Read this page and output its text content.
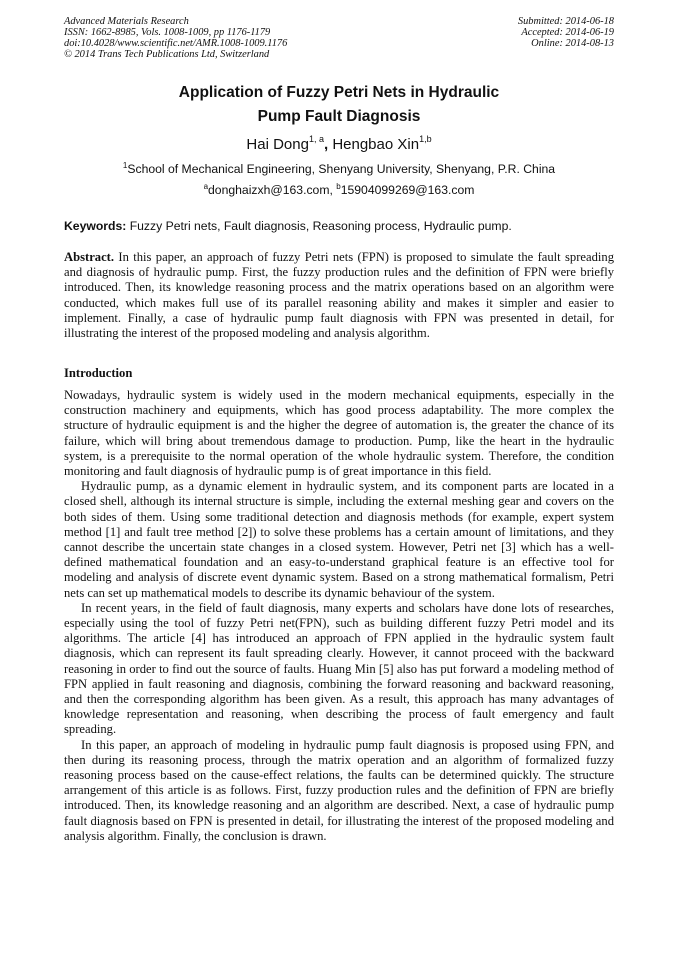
Advanced Materials Research
ISSN: 1662-8985, Vols. 1008-1009, pp 1176-1179
doi:10.4028/www.scientific.net/AMR.1008-1009.1176
© 2014 Trans Tech Publications Ltd, Switzerland
Submitted: 2014-06-18
Accepted: 2014-06-19
Online: 2014-08-13
Application of Fuzzy Petri Nets in Hydraulic
Pump Fault Diagnosis
Hai Dong$^{1, a}$, Hengbao Xin$^{1,b}$
$^1$School of Mechanical Engineering, Shenyang University, Shenyang, P.R. China
$^a$donghaizxh@163.com, $^b$15904099269@163.com
Keywords: Fuzzy Petri nets, Fault diagnosis, Reasoning process, Hydraulic pump.
Abstract. In this paper, an approach of fuzzy Petri nets (FPN) is proposed to simulate the fault spreading and diagnosis of hydraulic pump. First, the fuzzy production rules and the definition of FPN were briefly introduced. Then, its knowledge reasoning process and the matrix operations based on an algorithm were conducted, which makes full use of its parallel reasoning ability and makes it simpler and easier to implement. Finally, a case of hydraulic pump fault diagnosis with FPN was presented in detail, for illustrating the interest of the proposed modeling and analysis algorithm.
Introduction

Nowadays, hydraulic system is widely used in the modern mechanical equipments, especially in the construction machinery and equipments, which has good process adaptability. The more complex the structure of hydraulic equipment is and the higher the degree of automation is, the greater the chance of its failure, which will bring about tremendous damage to production. Pump, like the heart in the hydraulic system, is a prerequisite to the normal operation of the whole hydraulic system. Therefore, the condition monitoring and fault diagnosis of hydraulic pump is of great importance in this field.

Hydraulic pump, as a dynamic element in hydraulic system, and its component parts are located in a closed shell, although its internal structure is simple, including the external meshing gear and covers on the both sides of them. Using some traditional detection and diagnosis methods (for example, expert system method [1] and fault tree method [2]) to solve these problems has a certain amount of limitations, and they cannot describe the uncertain state changes in a closed system. However, Petri net [3] which has a well-defined mathematical foundation and an easy-to-understand graphical feature is an effective tool for modeling and analysis of discrete event dynamic system. Based on a strong mathematical formalism, Petri nets can set up mathematical models to describe its dynamic behaviour of the system.

In recent years, in the field of fault diagnosis, many experts and scholars have done lots of researches, especially using the tool of fuzzy Petri net(FPN), such as building different fuzzy Petri model and its algorithms. The article [4] has introduced an approach of FPN applied in the hydraulic system fault diagnosis, which can represent its fault spreading clearly. However, it cannot proceed with the backward reasoning in order to find out the source of faults. Huang Min [5] also has put forward a modeling method of FPN applied in fault reasoning and diagnosis, combining the forward reasoning and backward reasoning, and then the corresponding algorithm has been given. As a result, this approach has many advantages of knowledge representation and reasoning, when describing the process of fault emergency and fault spreading.

In this paper, an approach of modeling in hydraulic pump fault diagnosis is proposed using FPN, and then during its reasoning process, through the matrix operation and an algorithm of formalized fuzzy reasoning process based on the cause-effect relations, the faults can be determined quickly. The structure arrangement of this article is as follows. First, fuzzy production rules and the definition of FPN are briefly introduced. Then, its knowledge reasoning and an algorithm are described. Next, a case of hydraulic pump fault diagnosis based on FPN is presented in detail, for illustrating the interest of the proposed modeling and analysis algorithm. Finally, the conclusion is drawn.
